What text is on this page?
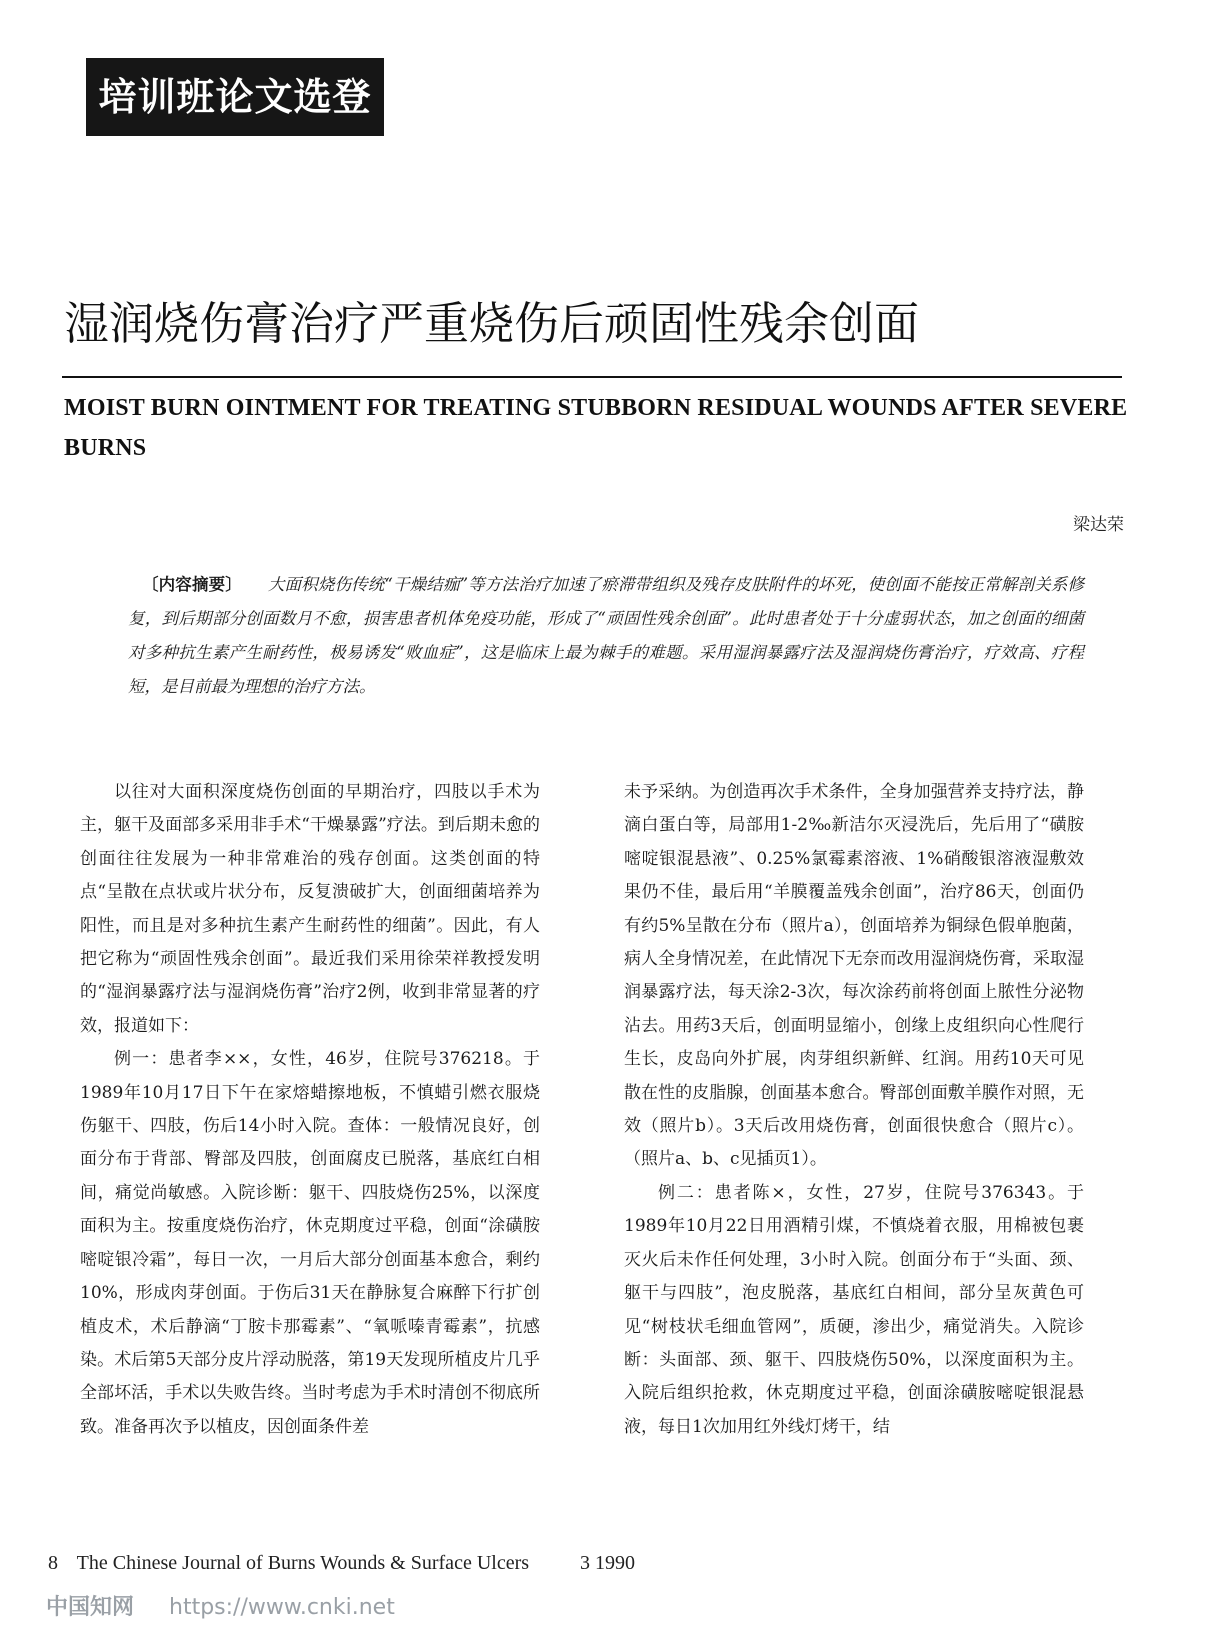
培训班论文选登
湿润烧伤膏治疗严重烧伤后顽固性残余创面
MOIST BURN OINTMENT FOR TREATING STUBBORN RESIDUAL WOUNDS AFTER SEVERE BURNS
梁达荣
〔内容摘要〕 大面积烧伤传统“干燥结痂”等方法治疗加速了瘀滞带组织及残存皮肤附件的坏死，使创面不能按正常解剖关系修复，到后期部分创面数月不愈，损害患者机体免疫功能，形成了“顽固性残余创面”。此时患者处于十分虚弱状态，加之创面的细菌对多种抗生素产生耐药性，极易诱发“败血症”，这是临床上最为棘手的难题。采用湿润暴露疗法及湿润烧伤膏治疗，疗效高、疗程短，是目前最为理想的治疗方法。

以往对大面积深度烧伤创面的早期治疗，四肢以手术为主，躯干及面部多采用非手术“干燥暴露”疗法。到后期未愈的创面往往发展为一种非常难治的残存创面。这类创面的特点“呈散在点状或片状分布，反复溃破扩大，创面细菌培养为阳性，而且是对多种抗生素产生耐药性的细菌”。因此，有人把它称为“顽固性残余创面”。最近我们采用徐荣祥教授发明的“湿润暴露疗法与湿润烧伤膏”治疗2例，收到非常显著的疗效，报道如下：

例一：患者李××，女性，46岁，住院号376218。于1989年10月17日下午在家熔蜡擦地板，不慎蜡引燃衣服烧伤躯干、四肢，伤后14小时入院。查体：一般情况良好，创面分布于背部、臀部及四肢，创面腐皮已脱落，基底红白相间，痛觉尚敏感。入院诊断：躯干、四肢烧伤25%，以深度面积为主。按重度烧伤治疗，休克期度过平稳，创面“涂磺胺嘧啶银冷霜”，每日一次，一月后大部分创面基本愈合，剩约10%，形成肉芽创面。于伤后31天在静脉复合麻醉下行扩创植皮术，术后静滴“丁胺卡那霉素”、“氧哌嗪青霉素”，抗感染。术后第5天部分皮片浮动脱落，第19天发现所植皮片几乎全部坏活，手术以失败告终。当时考虑为手术时清创不彻底所致。准备再次予以植皮，因创面条件差

未予采纳。为创造再次手术条件，全身加强营养支持疗法，静滴白蛋白等，局部用1-2‰新洁尔灭浸洗后，先后用了“磺胺嘧啶银混悬液”、0.25%氯霉素溶液、1%硝酸银溶液湿敷效果仍不佳，最后用“羊膜覆盖残余创面”，治疗86天，创面仍有约5%呈散在分布（照片a），创面培养为铜绿色假单胞菌，病人全身情况差，在此情况下无奈而改用湿润烧伤膏，采取湿润暴露疗法，每天涂2-3次，每次涂药前将创面上脓性分泌物沾去。用药3天后，创面明显缩小，创缘上皮组织向心性爬行生长，皮岛向外扩展，肉芽组织新鲜、红润。用药10天可见散在性的皮脂腺，创面基本愈合。臀部创面敷羊膜作对照，无效（照片b）。3天后改用烧伤膏，创面很快愈合（照片c）。（照片a、b、c见插页1）。

例二：患者陈×，女性，27岁，住院号376343。于1989年10月22日用酒精引煤，不慎烧着衣服，用棉被包裹灭火后未作任何处理，3小时入院。创面分布于“头面、颈、躯干与四肢”，泡皮脱落，基底红白相间，部分呈灰黄色可见“树枝状毛细血管网”，质硬，渗出少，痛觉消失。入院诊断：头面部、颈、躯干、四肢烧伤50%，以深度面积为主。入院后组织抢救，休克期度过平稳，创面涂磺胺嘧啶银混悬液，每日1次加用红外线灯烤干，结

8 The Chinese Journal of Burns Wounds & Surface Ulcers	3 1990
中国知网 https://www.cnki.net
